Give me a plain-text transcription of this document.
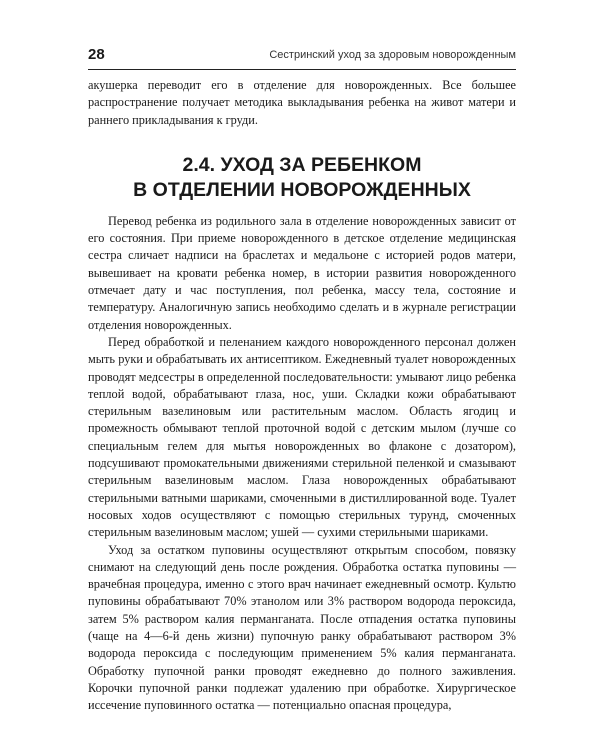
28	Сестринский уход за здоровым новорожденным

акушерка переводит его в отделение для новорожденных. Все большее распространение получает методика выкладывания ребенка на живот матери и раннего прикладывания к груди.

2.4. УХОД ЗА РЕБЕНКОМ
В ОТДЕЛЕНИИ НОВОРОЖДЕННЫХ

Перевод ребенка из родильного зала в отделение новорожденных зависит от его состояния. При приеме новорожденного в детское отделение медицинская сестра сличает надписи на браслетах и медальоне с историей родов матери, вывешивает на кровати ребенка номер, в истории развития новорожденного отмечает дату и час поступления, пол ребенка, массу тела, состояние и температуру. Аналогичную запись необходимо сделать и в журнале регистрации отделения новорожденных.

Перед обработкой и пеленанием каждого новорожденного персонал должен мыть руки и обрабатывать их антисептиком. Ежедневный туалет новорожденных проводят медсестры в определенной последовательности: умывают лицо ребенка теплой водой, обрабатывают глаза, нос, уши. Складки кожи обрабатывают стерильным вазелиновым или растительным маслом. Область ягодиц и промежность обмывают теплой проточной водой с детским мылом (лучше со специальным гелем для мытья новорожденных во флаконе с дозатором), подсушивают промокательными движениями стерильной пеленкой и смазывают стерильным вазелиновым маслом. Глаза новорожденных обрабатывают стерильными ватными шариками, смоченными в дистиллированной воде. Туалет носовых ходов осуществляют с помощью стерильных турунд, смоченных стерильным вазелиновым маслом; ушей — сухими стерильными шариками.

Уход за остатком пуповины осуществляют открытым способом, повязку снимают на следующий день после рождения. Обработка остатка пуповины — врачебная процедура, именно с этого врач начинает ежедневный осмотр. Культю пуповины обрабатывают 70% этанолом или 3% раствором водорода пероксида, затем 5% раствором калия перманганата. После отпадения остатка пуповины (чаще на 4—6-й день жизни) пупочную ранку обрабатывают раствором 3% водорода пероксида с последующим применением 5% калия перманганата. Обработку пупочной ранки проводят ежедневно до полного заживления. Корочки пупочной ранки подлежат удалению при обработке. Хирургическое иссечение пуповинного остатка — потенциально опасная процедура,
